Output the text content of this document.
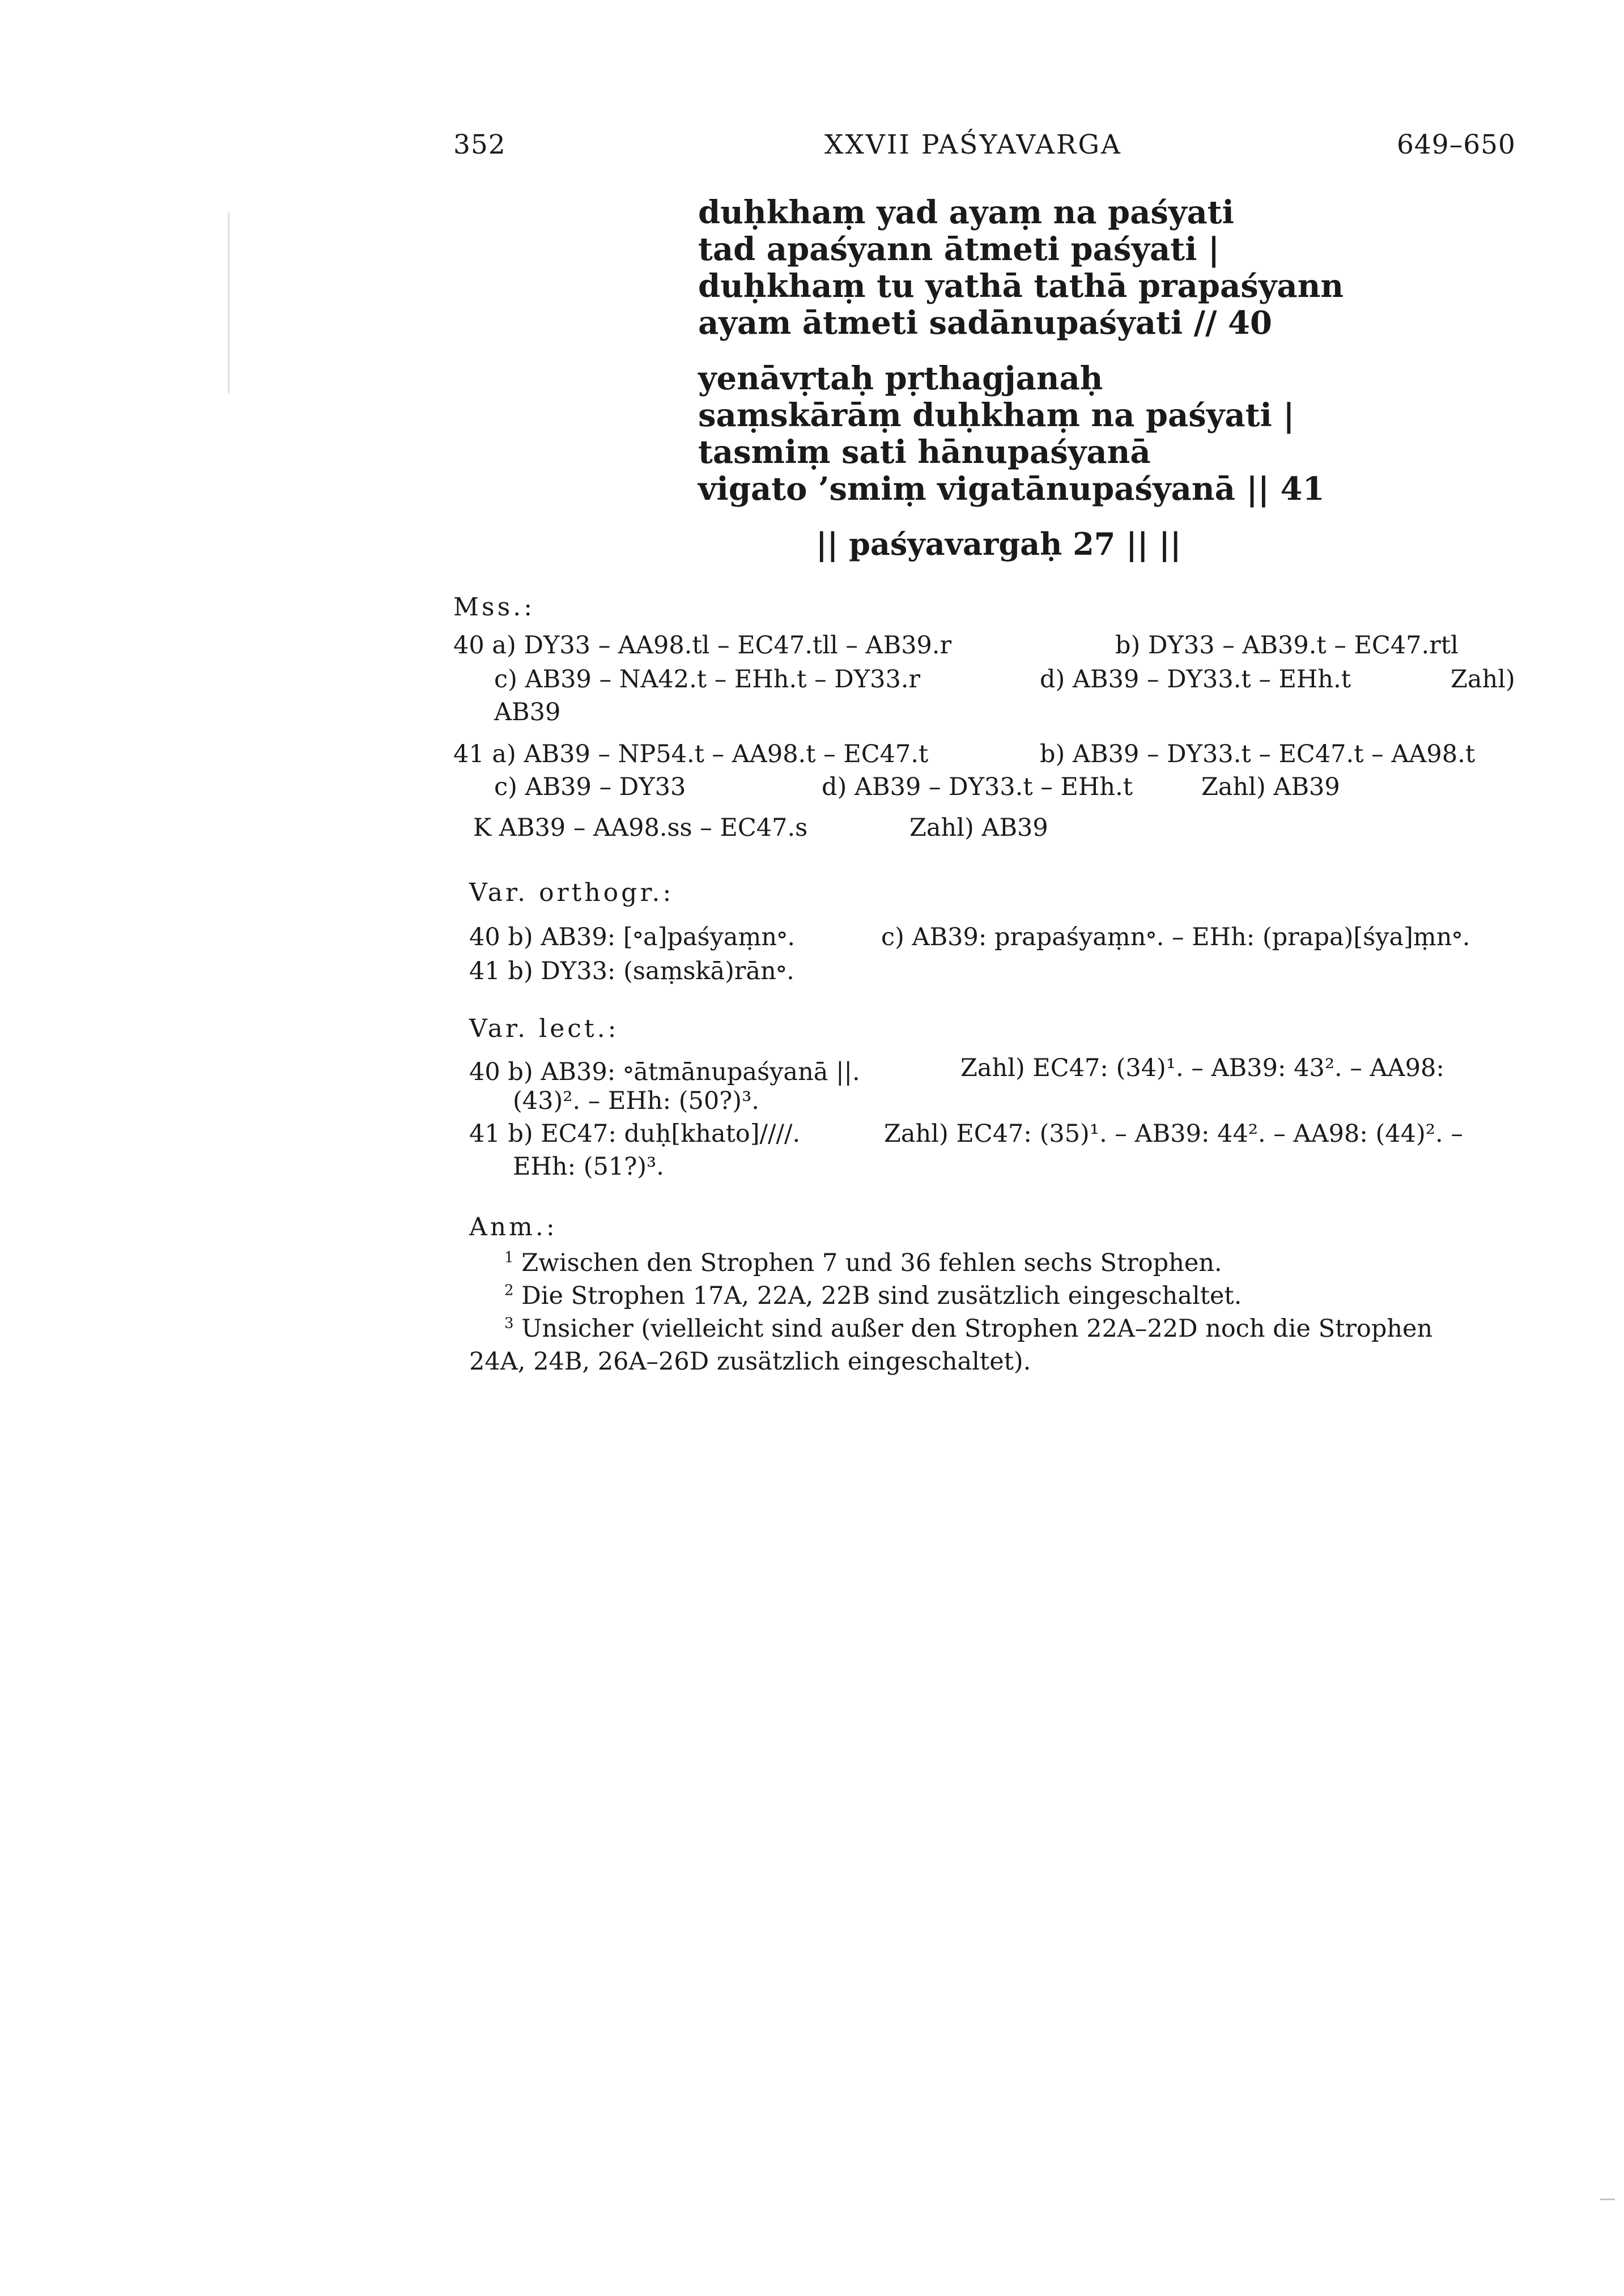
352	XXVII PAŚYAVARGA	649–650
duḥkhaṃ yad ayaṃ na paśyati
tad apaśyann ātmeti paśyati |
duḥkhaṃ tu yathā tathā prapaśyann
ayam ātmeti sadānupaśyati // 40
yenāvṛtaḥ pṛthagjanaḥ
saṃskārāṃ duḥkhaṃ na paśyati |
tasmiṃ sati hānupaśyanā
vigato ’smiṃ vigatānupaśyanā || 41
|| paśyavargaḥ 27 || ||
Mss.:
40 a) DY33 – AA98.tl – EC47.tll – AB39.r	b) DY33 – AB39.t – EC47.rtl
c) AB39 – NA42.t – EHh.t – DY33.r	d) AB39 – DY33.t – EHh.t	Zahl)
AB39
41 a) AB39 – NP54.t – AA98.t – EC47.t	b) AB39 – DY33.t – EC47.t – AA98.t
c) AB39 – DY33	d) AB39 – DY33.t – EHh.t	Zahl) AB39
K AB39 – AA98.ss – EC47.s	Zahl) AB39
Var. orthogr.:
40 b) AB39: [॰a]paśyaṃn॰.	c) AB39: prapaśyaṃn॰. – EHh: (prapa)[śya]ṃn॰.
41 b) DY33: (saṃskā)rān॰.
Var. lect.:
40 b) AB39: ॰ātmānupaśyanā ||.	Zahl) EC47: (34)¹. – AB39: 43². – AA98:
(43)². – EHh: (50?)³.
41 b) EC47: duḥ[khato]////.	Zahl) EC47: (35)¹. – AB39: 44². – AA98: (44)². –
EHh: (51?)³.
Anm.:
$^1$ Zwischen den Strophen 7 und 36 fehlen sechs Strophen.
$^2$ Die Strophen 17A, 22A, 22B sind zusätzlich eingeschaltet.
$^3$ Unsicher (vielleicht sind außer den Strophen 22A–22D noch die Strophen
24A, 24B, 26A–26D zusätzlich eingeschaltet).
